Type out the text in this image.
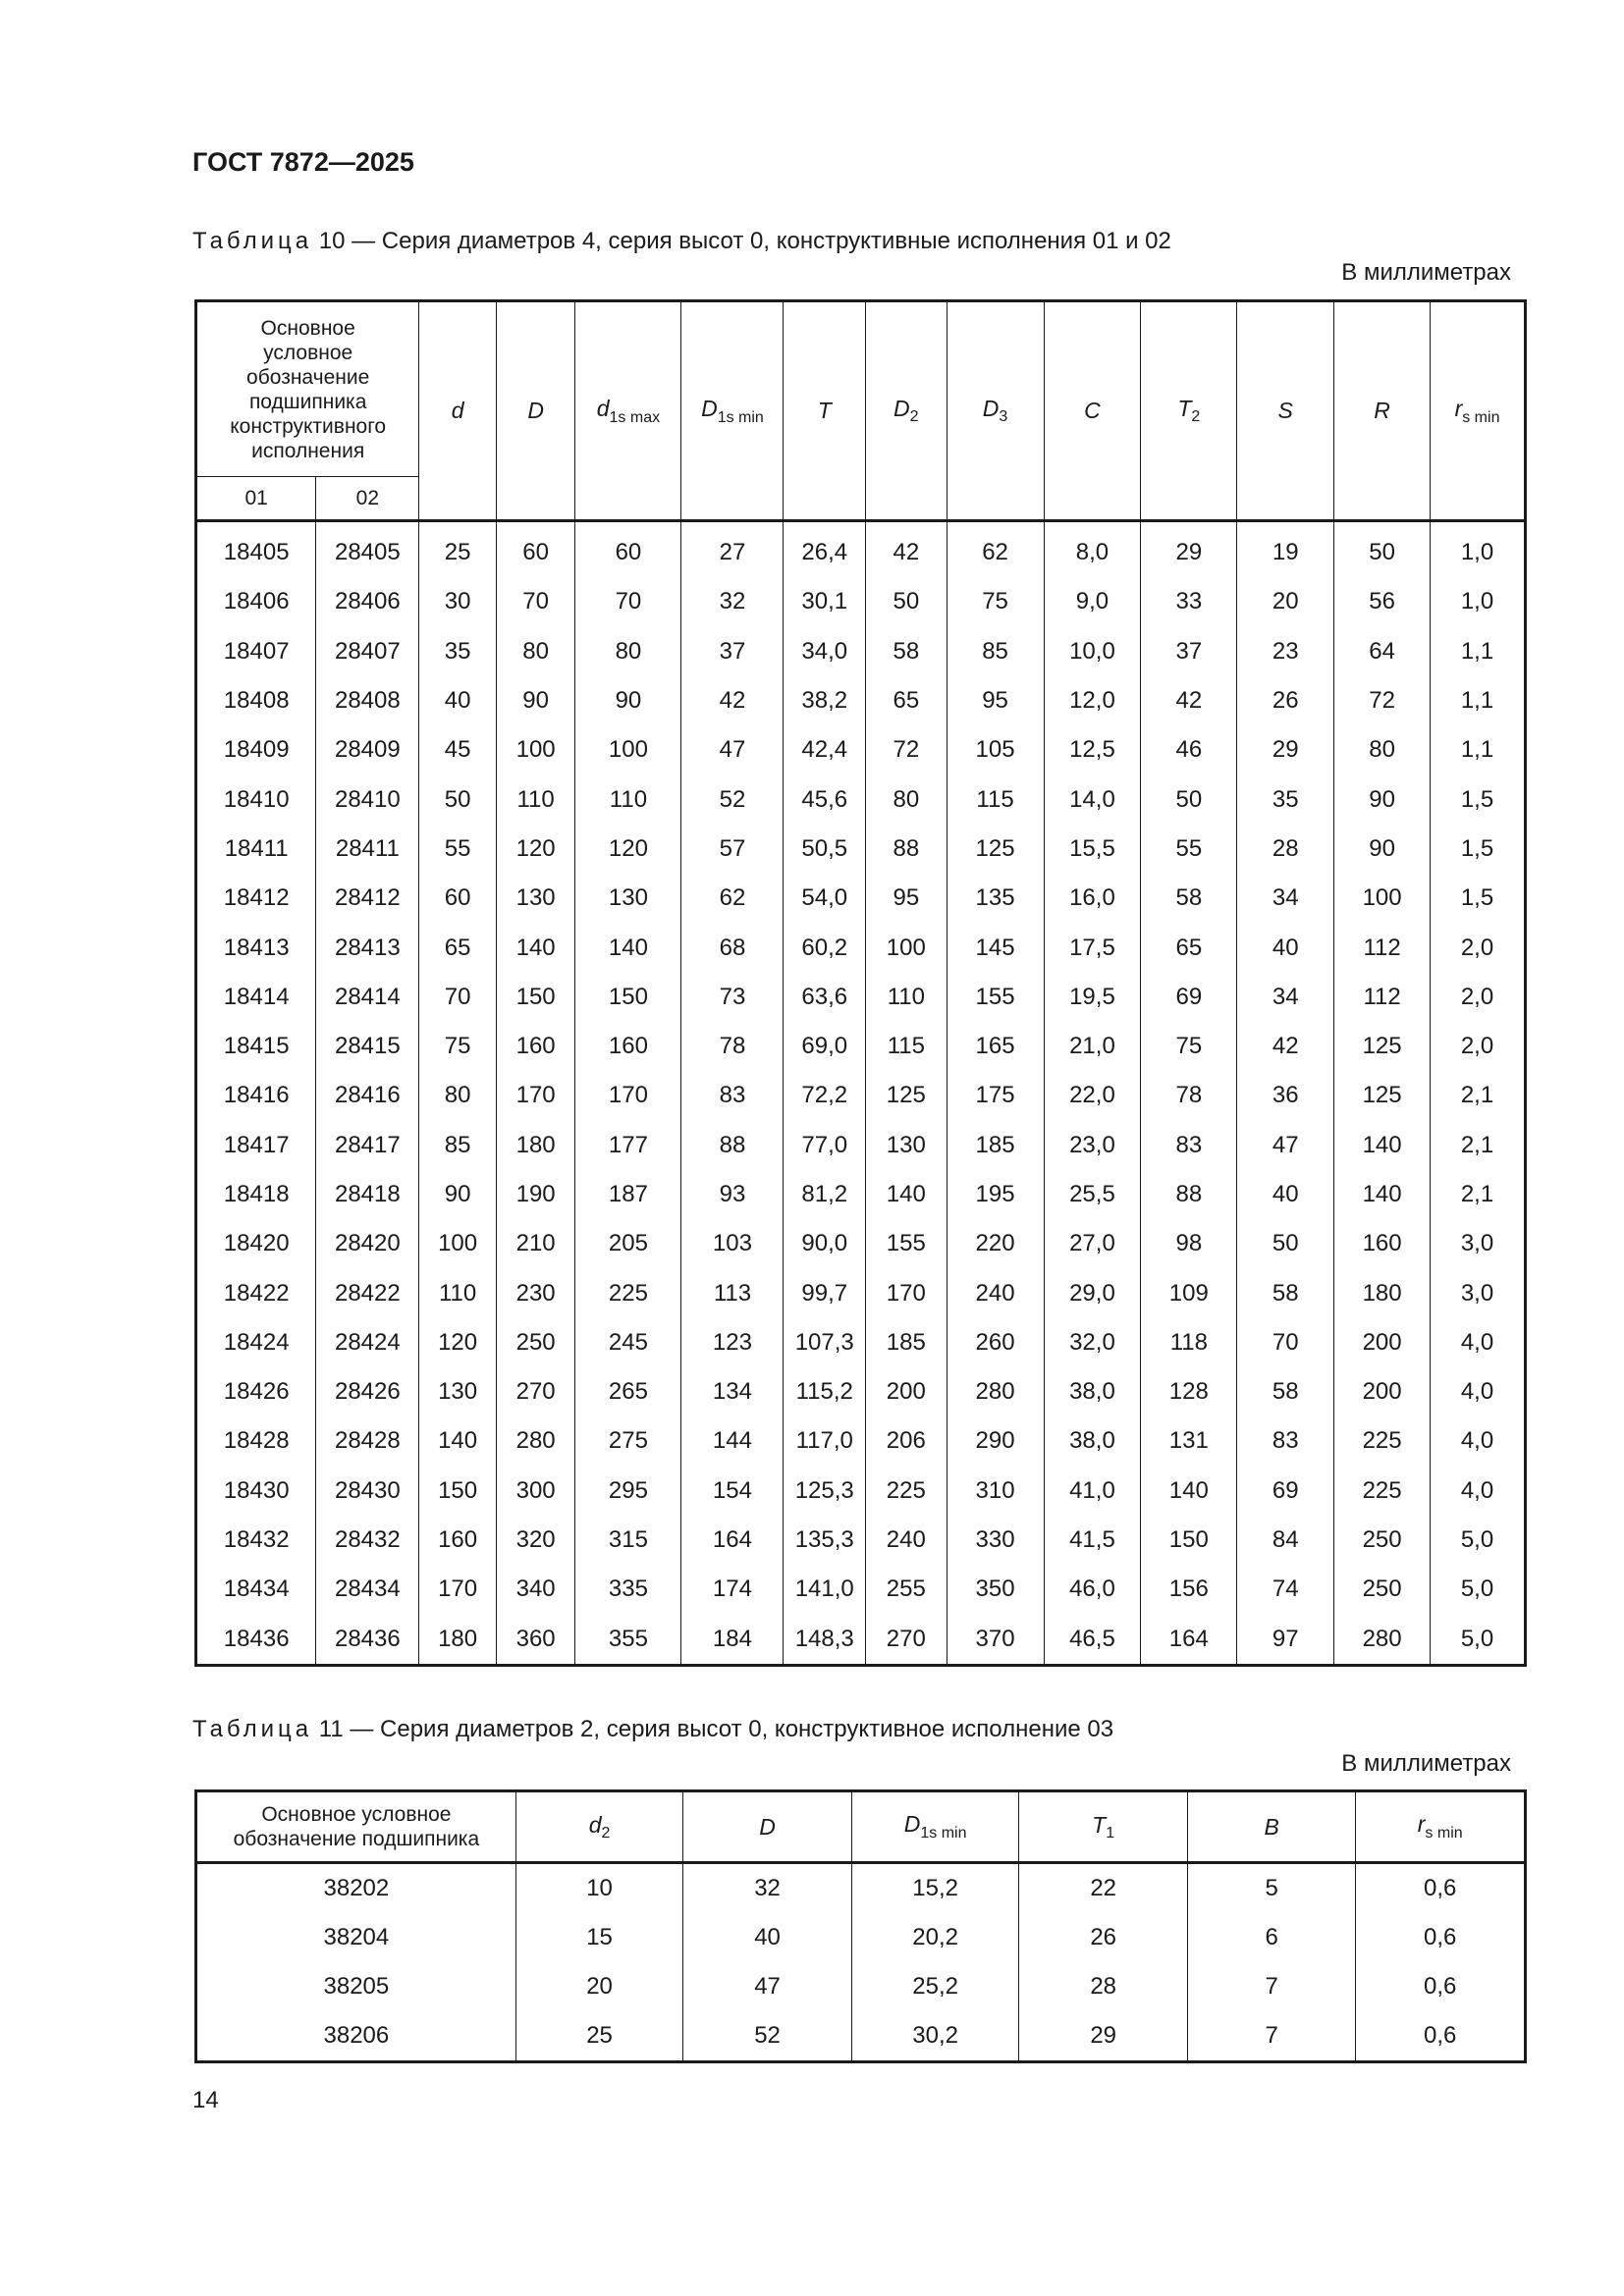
ГОСТ 7872—2025
Таблица 10 — Серия диаметров 4, серия высот 0, конструктивные исполнения 01 и 02
В миллиметрах
Основное условное обозначение подшипника конструктивного исполнения		d	D	$d_{1s max}$	$D_{1s min}$	T	$D_2$	$D_3$	C	$T_2$	S	R	$r_{s min}$
01	02												
18405	28405	25	60	60	27	26,4	42	62	8,0	29	19	50	1,0
18406	28406	30	70	70	32	30,1	50	75	9,0	33	20	56	1,0
18407	28407	35	80	80	37	34,0	58	85	10,0	37	23	64	1,1
18408	28408	40	90	90	42	38,2	65	95	12,0	42	26	72	1,1
18409	28409	45	100	100	47	42,4	72	105	12,5	46	29	80	1,1
18410	28410	50	110	110	52	45,6	80	115	14,0	50	35	90	1,5
18411	28411	55	120	120	57	50,5	88	125	15,5	55	28	90	1,5
18412	28412	60	130	130	62	54,0	95	135	16,0	58	34	100	1,5
18413	28413	65	140	140	68	60,2	100	145	17,5	65	40	112	2,0
18414	28414	70	150	150	73	63,6	110	155	19,5	69	34	112	2,0
18415	28415	75	160	160	78	69,0	115	165	21,0	75	42	125	2,0
18416	28416	80	170	170	83	72,2	125	175	22,0	78	36	125	2,1
18417	28417	85	180	177	88	77,0	130	185	23,0	83	47	140	2,1
18418	28418	90	190	187	93	81,2	140	195	25,5	88	40	140	2,1
18420	28420	100	210	205	103	90,0	155	220	27,0	98	50	160	3,0
18422	28422	110	230	225	113	99,7	170	240	29,0	109	58	180	3,0
18424	28424	120	250	245	123	107,3	185	260	32,0	118	70	200	4,0
18426	28426	130	270	265	134	115,2	200	280	38,0	128	58	200	4,0
18428	28428	140	280	275	144	117,0	206	290	38,0	131	83	225	4,0
18430	28430	150	300	295	154	125,3	225	310	41,0	140	69	225	4,0
18432	28432	160	320	315	164	135,3	240	330	41,5	150	84	250	5,0
18434	28434	170	340	335	174	141,0	255	350	46,0	156	74	250	5,0
18436	28436	180	360	355	184	148,3	270	370	46,5	164	97	280	5,0
Таблица 11 — Серия диаметров 2, серия высот 0, конструктивное исполнение 03
В миллиметрах
Основное условное обозначение подшипника	$d_2$	D	$D_{1s min}$	$T_1$	B	$r_{s min}$
38202	10	32	15,2	22	5	0,6
38204	15	40	20,2	26	6	0,6
38205	20	47	25,2	28	7	0,6
38206	25	52	30,2	29	7	0,6
14
